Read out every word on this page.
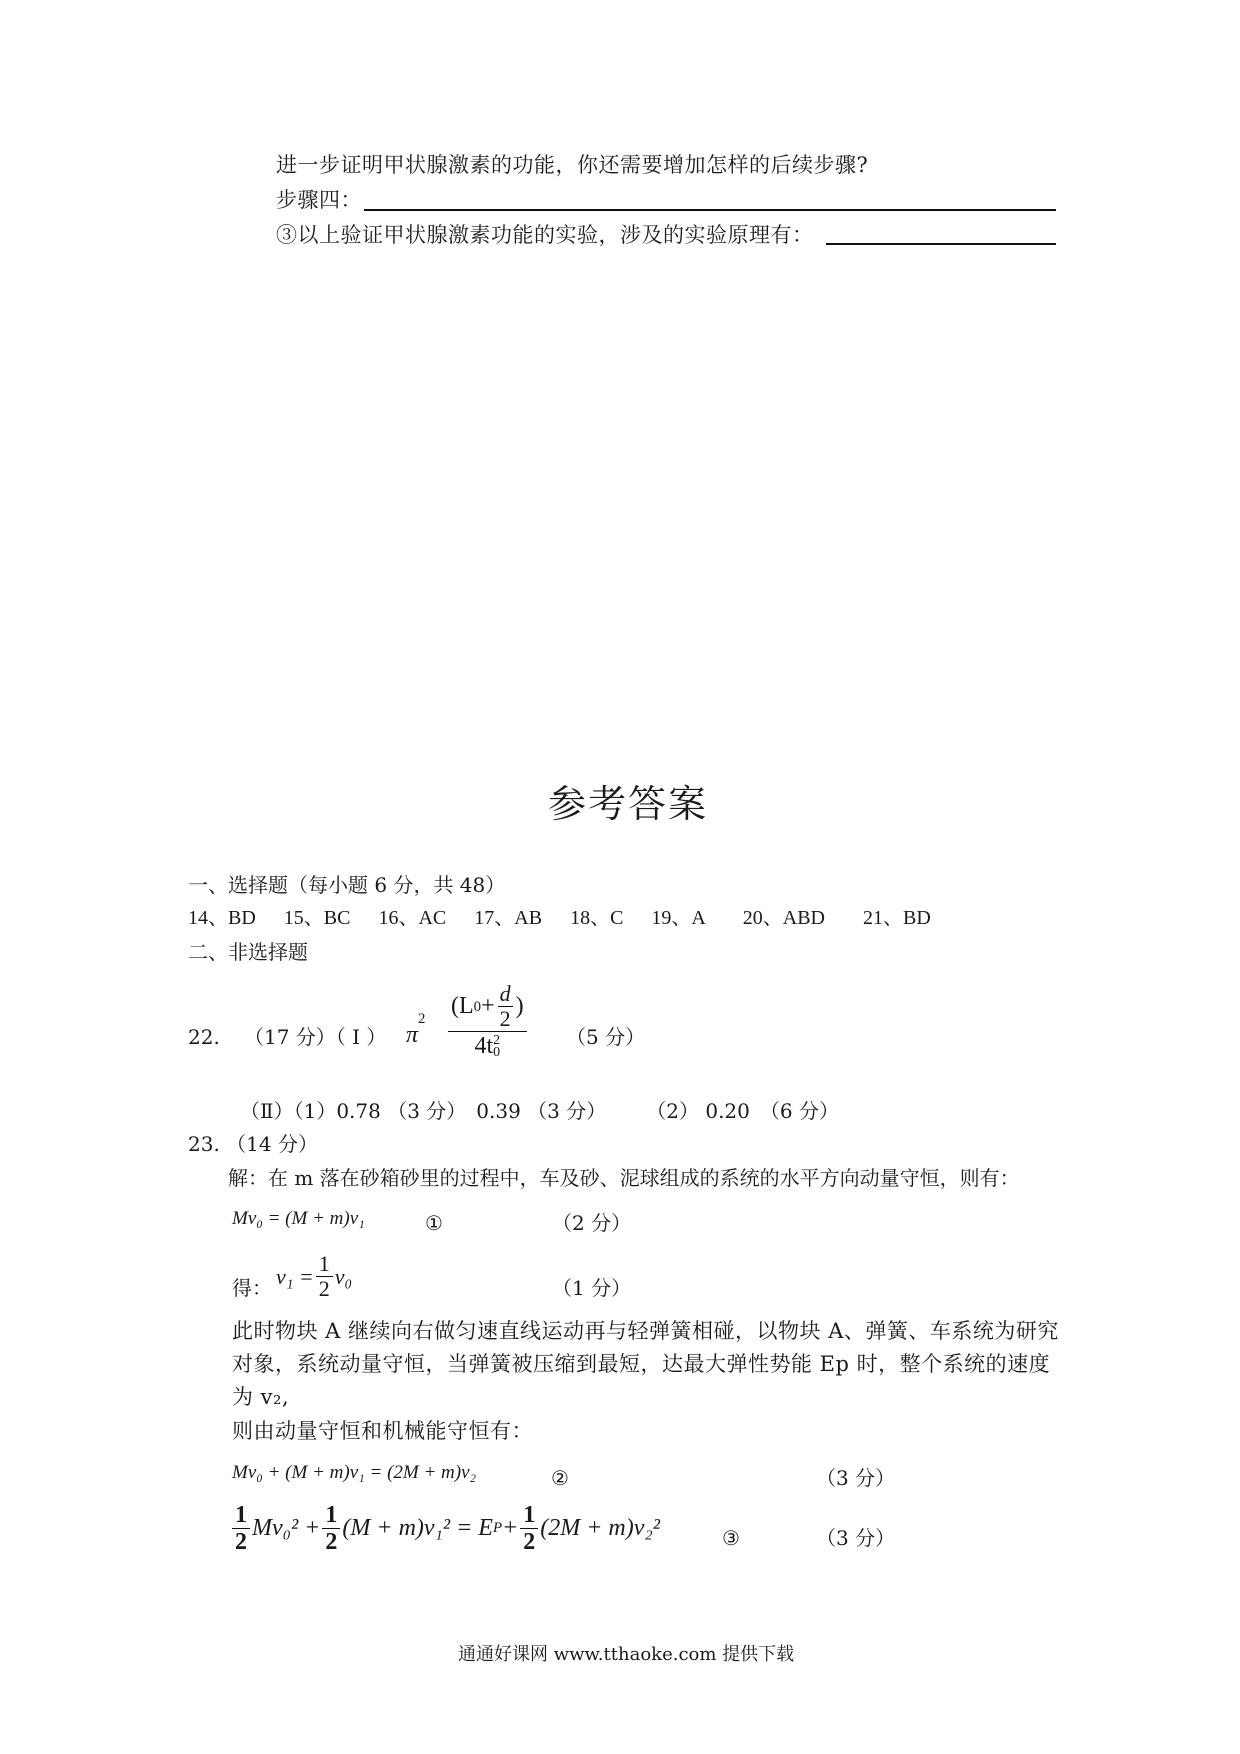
进一步证明甲状腺激素的功能，你还需要增加怎样的后续步骤?
步骤四：
③以上验证甲状腺激素功能的实验，涉及的实验原理有：
参考答案
一、选择题（每小题 6 分，共 48）
14、BD 15、BC 16、AC 17、AB 18、C 19、A 20、ABD 21、BD
二、非选择题
22. （17 分）（ I ） $\pi^2$ (L $0 + \frac{d}{2}$ )
4t 2
0 （5 分）
（Ⅱ）（1）0.78 （3 分）　0.39 （3 分）　　　（2） 0.20　（6 分）
23. （14 分）
解：在 m 落在砂箱砂里的过程中，车及砂、泥球组成的系统的水平方向动量守恒，则有：
Mv₀ = (M + m)v₁	①	（2 分）
得： $v_1 = \frac{1}{2} v_0$	（1 分）
此时物块 A 继续向右做匀速直线运动再与轻弹簧相碰，以物块 A、弹簧、车系统为研究
对象，系统动量守恒，当弹簧被压缩到最短，达最大弹性势能 Ep 时，整个系统的速度
为 v₂,
则由动量守恒和机械能守恒有：
Mv₀ + (M + m)v₁ = (2M + m)v₂	②	（3 分）
$\frac{1}{2} Mv_0^2 + \frac{1}{2} (M + m)v_1^2 = E$ $P + \frac{1}{2} (2M + m)v_2^2$	③	（3 分）
通通好课网 www.tthaoke.com 提供下载
